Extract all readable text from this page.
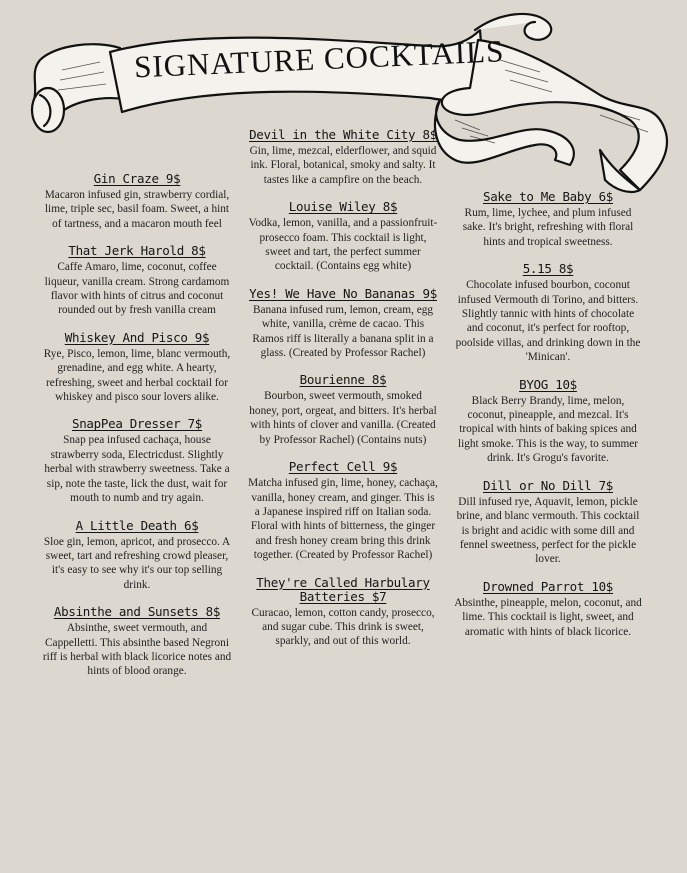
SIGNATURE COCKTAILS
Gin Craze 9$
Macaron infused gin, strawberry cordial, lime, triple sec, basil foam. Sweet, a hint of tartness, and a macaron mouth feel
That Jerk Harold 8$
Caffe Amaro, lime, coconut, coffee liqueur, vanilla cream. Strong cardamom flavor with hints of citrus and coconut rounded out by fresh vanilla cream
Whiskey And Pisco 9$
Rye, Pisco, lemon, lime, blanc vermouth, grenadine, and egg white. A hearty, refreshing, sweet and herbal cocktail for whiskey and pisco sour lovers alike.
SnapPea Dresser 7$
Snap pea infused cachaça, house strawberry soda, Electricdust. Slightly herbal with strawberry sweetness. Take a sip, note the taste, lick the dust, wait for mouth to numb and try again.
A Little Death 6$
Sloe gin, lemon, apricot, and prosecco. A sweet, tart and refreshing crowd pleaser, it's easy to see why it's our top selling drink.
Absinthe and Sunsets 8$
Absinthe, sweet vermouth, and Cappelletti. This absinthe based Negroni riff is herbal with black licorice notes and hints of blood orange.
Devil in the White City 8$
Gin, lime, mezcal, elderflower, and squid ink. Floral, botanical, smoky and salty. It tastes like a campfire on the beach.
Louise Wiley 8$
Vodka, lemon, vanilla, and a passionfruit-prosecco foam. This cocktail is light, sweet and tart, the perfect summer cocktail. (Contains egg white)
Yes! We Have No Bananas 9$
Banana infused rum, lemon, cream, egg white, vanilla, crème de cacao. This Ramos riff is literally a banana split in a glass. (Created by Professor Rachel)
Bourienne 8$
Bourbon, sweet vermouth, smoked honey, port, orgeat, and bitters. It's herbal with hints of clover and vanilla. (Created by Professor Rachel) (Contains nuts)
Perfect Cell 9$
Matcha infused gin, lime, honey, cachaça, vanilla, honey cream, and ginger. This is a Japanese inspired riff on Italian soda. Floral with hints of bitterness, the ginger and fresh honey cream bring this drink together. (Created by Professor Rachel)
They're Called Harbulary Batteries $7
Curacao, lemon, cotton candy, prosecco, and sugar cube. This drink is sweet, sparkly, and out of this world.
Sake to Me Baby 6$
Rum, lime, lychee, and plum infused sake. It's bright, refreshing with floral hints and tropical sweetness.
5.15 8$
Chocolate infused bourbon, coconut infused Vermouth di Torino, and bitters. Slightly tannic with hints of chocolate and coconut, it's perfect for rooftop, poolside villas, and drinking down in the 'Minican'.
BYOG 10$
Black Berry Brandy, lime, melon, coconut, pineapple, and mezcal. It's tropical with hints of baking spices and light smoke. This is the way, to summer drink. It's Grogu's favorite.
Dill or No Dill 7$
Dill infused rye, Aquavit, lemon, pickle brine, and blanc vermouth. This cocktail is bright and acidic with some dill and fennel sweetness, perfect for the pickle lover.
Drowned Parrot 10$
Absinthe, pineapple, melon, coconut, and lime. This cocktail is light, sweet, and aromatic with hints of black licorice.
